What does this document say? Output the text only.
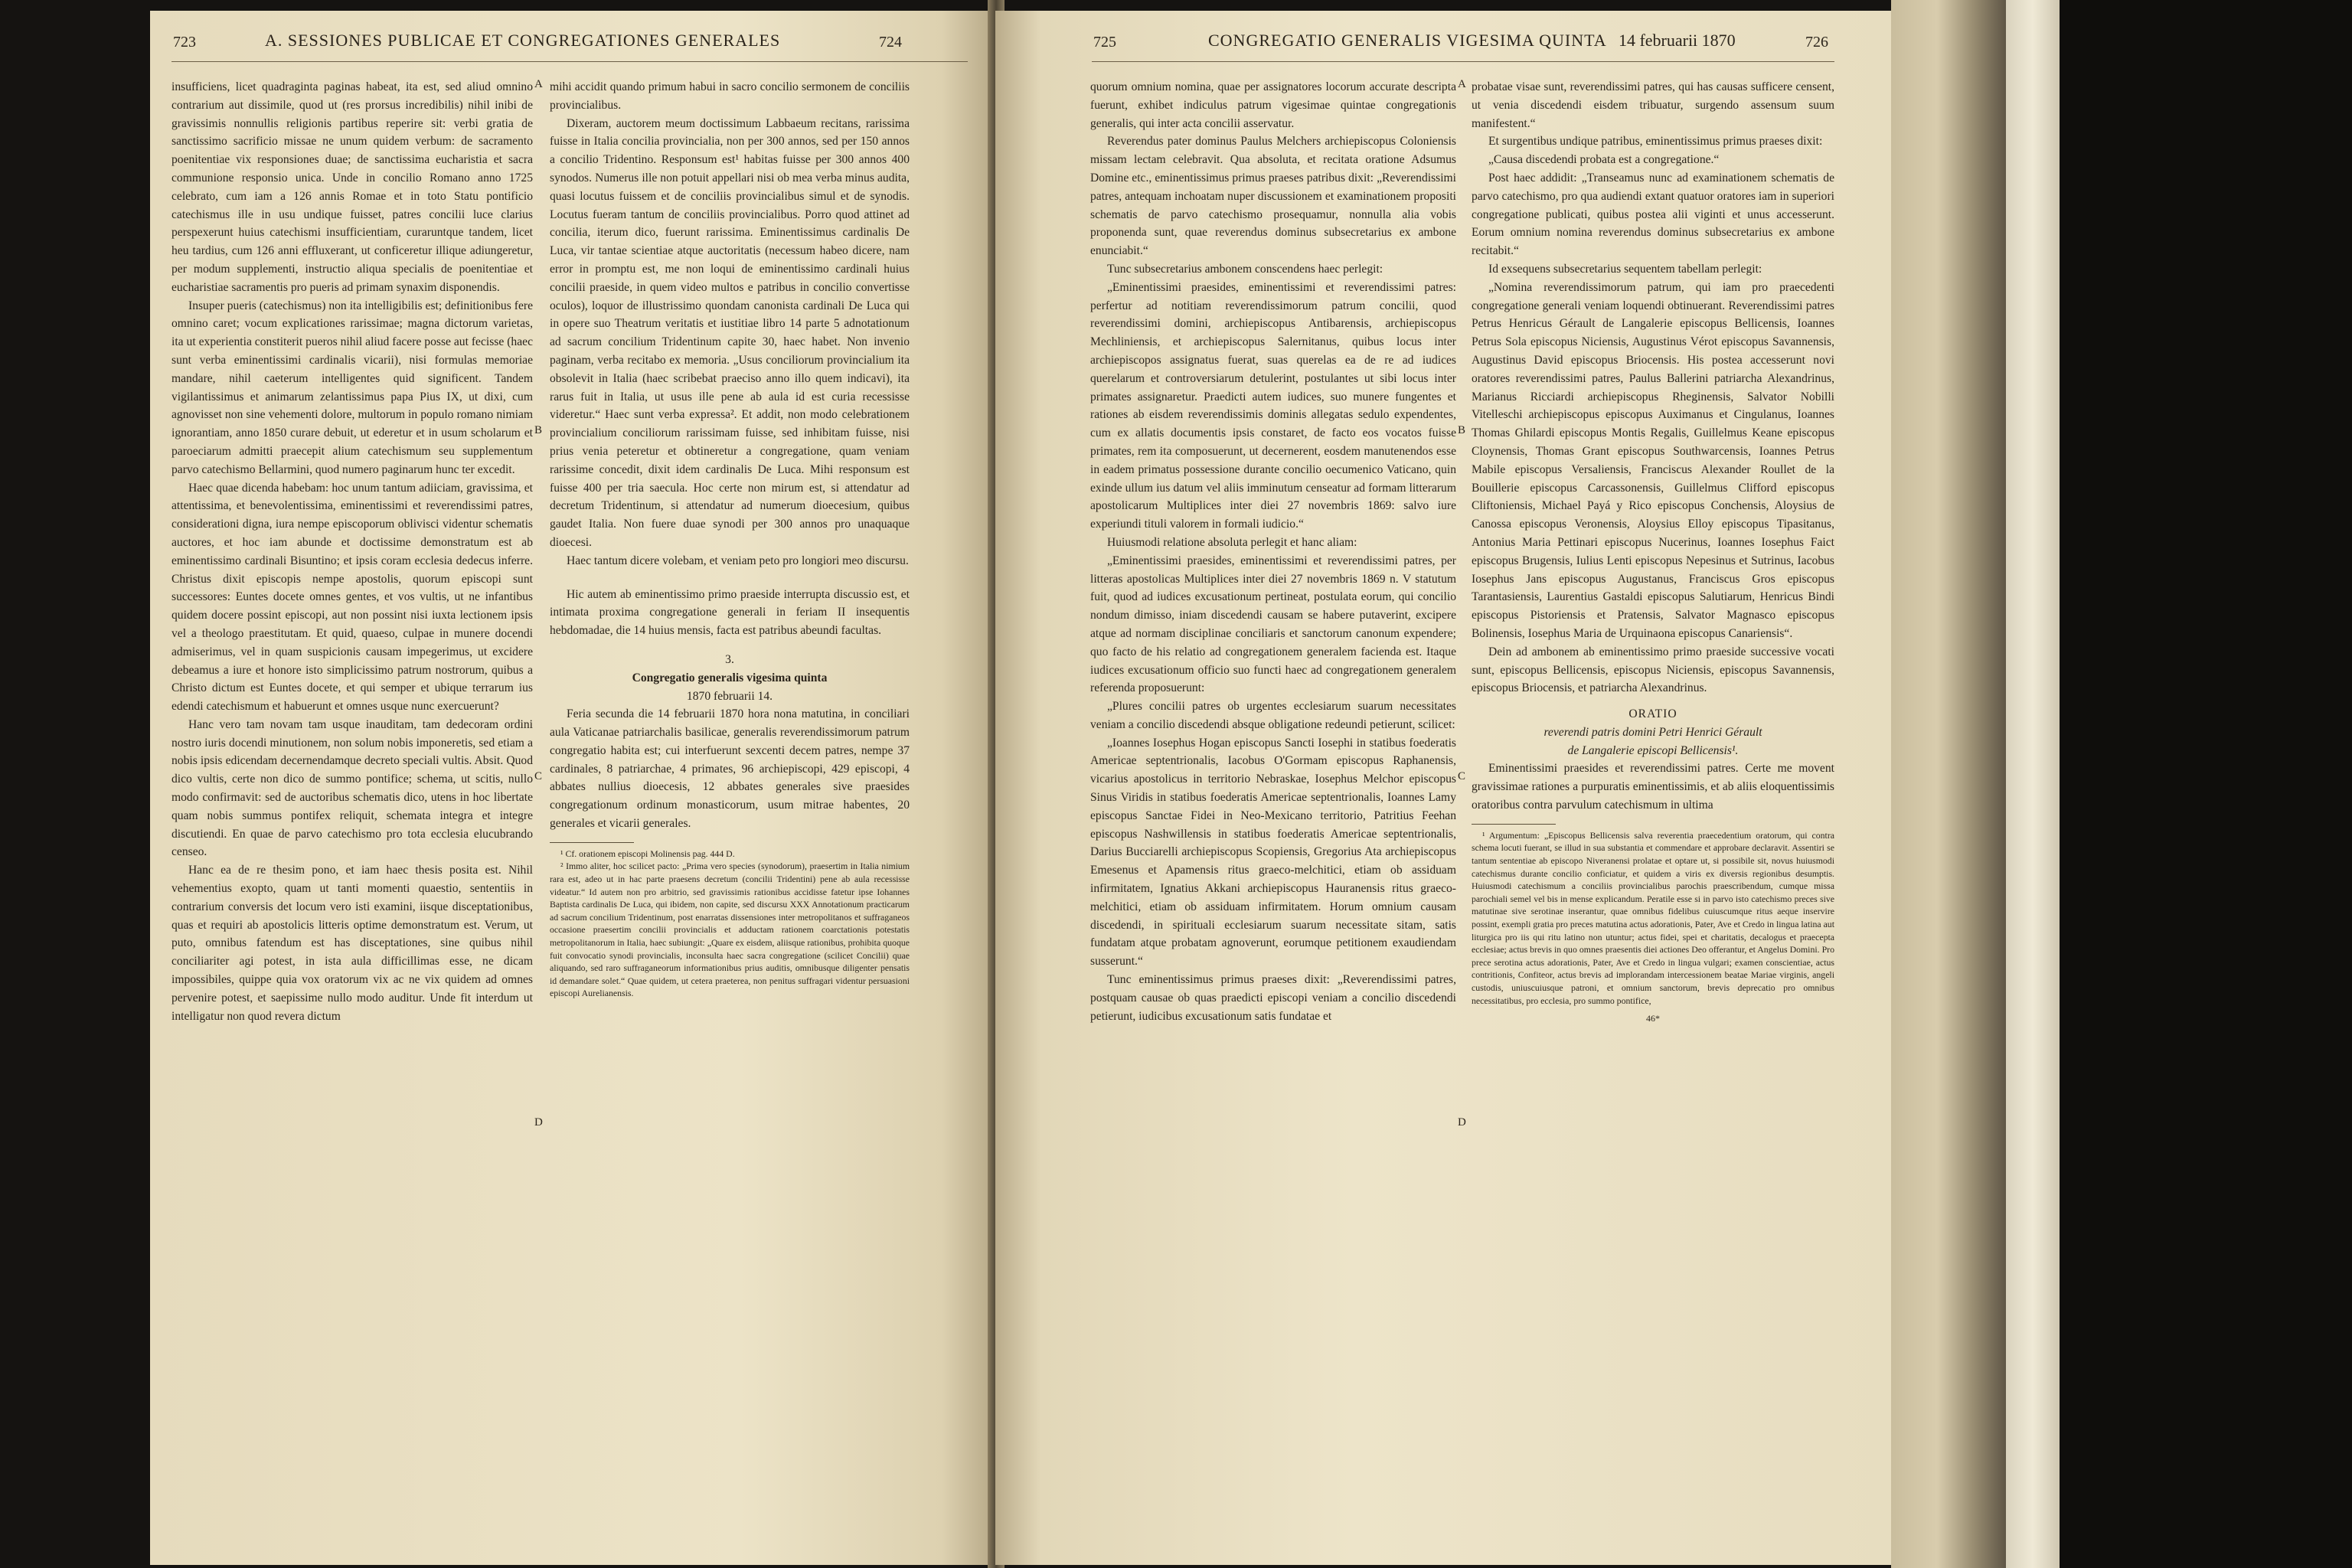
723	724
A. SESSIONES PUBLICAE ET CONGREGATIONES GENERALES

insufficiens, licet quadraginta paginas habeat, ita est, sed aliud omnino contrarium aut dissimile, quod ut (res prorsus incredibilis) nihil inibi de gravissimis nonnullis religionis partibus reperire sit: verbi gratia de sanctissimo sacrificio missae ne unum quidem verbum: de sacramento poenitentiae vix responsiones duae; de sanctissima eucharistia et sacra communione responsio unica. Unde in concilio Romano anno 1725 celebrato, cum iam a 126 annis Romae et in toto Statu pontificio catechismus ille in usu undique fuisset, patres concilii luce clarius perspexerunt huius catechismi insufficientiam, curaruntque tandem, licet heu tardius, cum 126 anni effluxerant, ut conficeretur illique adiungeretur, per modum supplementi, instructio aliqua specialis de poenitentiae et eucharistiae sacramentis pro pueris ad primam synaxim disponendis.

Insuper pueris (catechismus) non ita intelligibilis est; definitionibus fere omnino caret; vocum explicationes rarissimae; magna dictorum varietas, ita ut experientia constiterit pueros nihil aliud facere posse aut fecisse (haec sunt verba eminentissimi cardinalis vicarii), nisi formulas memoriae mandare, nihil caeterum intelligentes quid significent. Tandem vigilantissimus et animarum zelantissimus papa Pius IX, ut dixi, cum agnovisset non sine vehementi dolore, multorum in populo romano nimiam ignorantiam, anno 1850 curare debuit, ut ederetur et in usum scholarum et paroeciarum admitti praecepit alium catechismum seu supplementum parvo catechismo Bellarmini, quod numero paginarum hunc ter excedit.

Haec quae dicenda habebam: hoc unum tantum adiiciam, gravissima, et attentissima, et benevolentissima, eminentissimi et reverendissimi patres, considerationi digna, iura nempe episcoporum oblivisci videntur schematis auctores, et hoc iam abunde et doctissime demonstratum est ab eminentissimo cardinali Bisuntino; et ipsis coram ecclesia dedecus inferre. Christus dixit episcopis nempe apostolis, quorum episcopi sunt successores: Euntes docete omnes gentes, et vos vultis, ut ne infantibus quidem docere possint episcopi, aut non possint nisi iuxta lectionem ipsis vel a theologo praestitutam. Et quid, quaeso, culpae in munere docendi admiserimus, vel in quam suspicionis causam impegerimus, ut excidere debeamus a iure et honore isto simplicissimo patrum nostrorum, quibus a Christo dictum est Euntes docete, et qui semper et ubique terrarum ius edendi catechismum et habuerunt et omnes usque nunc exercuerunt?

Hanc vero tam novam tam usque inauditam, tam dedecoram ordini nostro iuris docendi minutionem, non solum nobis imponeretis, sed etiam a nobis ipsis edicendam decernendamque decreto speciali vultis. Absit. Quod dico vultis, certe non dico de summo pontifice; schema, ut scitis, nullo modo confirmavit: sed de auctoribus schematis dico, utens in hoc libertate quam nobis summus pontifex reliquit, schemata integra et integre discutiendi. En quae de parvo catechismo pro tota ecclesia elucubrando censeo.

Hanc ea de re thesim pono, et iam haec thesis posita est. Nihil vehementius exopto, quam ut tanti momenti quaestio, sententiis in contrarium conversis det locum vero isti examini, iisque disceptationibus, quas et requiri ab apostolicis litteris optime demonstratum est. Verum, ut puto, omnibus fatendum est has disceptationes, sine quibus nihil conciliariter agi potest, in ista aula difficillimas esse, ne dicam impossibiles, quippe quia vox oratorum vix ac ne vix quidem ad omnes pervenire potest, et saepissime nullo modo auditur. Unde fit interdum ut intelligatur non quod revera dictum

A
B
C
D

mihi accidit quando primum habui in sacro concilio sermonem de conciliis provincialibus.

Dixeram, auctorem meum doctissimum Labbaeum recitans, rarissima fuisse in Italia concilia provincialia, non per 300 annos, sed per 150 annos a concilio Tridentino. Responsum est¹ habitas fuisse per 300 annos 400 synodos. Numerus ille non potuit appellari nisi ob mea verba minus audita, quasi locutus fuissem et de conciliis provincialibus simul et de synodis. Locutus fueram tantum de conciliis provincialibus. Porro quod attinet ad concilia, iterum dico, fuerunt rarissima. Eminentissimus cardinalis De Luca, vir tantae scientiae atque auctoritatis (necessum habeo dicere, nam error in promptu est, me non loqui de eminentissimo cardinali huius concilii praeside, in quem video multos e patribus in concilio convertisse oculos), loquor de illustrissimo quondam canonista cardinali De Luca qui in opere suo Theatrum veritatis et iustitiae libro 14 parte 5 adnotationum ad sacrum concilium Tridentinum capite 30, haec habet. Non invenio paginam, verba recitabo ex memoria. „Usus conciliorum provincialium ita obsolevit in Italia (haec scribebat praeciso anno illo quem indicavi), ita rarus fuit in Italia, ut usus ille pene ab aula id est curia recessisse videretur.“ Haec sunt verba expressa². Et addit, non modo celebrationem provincialium conciliorum rarissimam fuisse, sed inhibitam fuisse, nisi prius venia peteretur et obtineretur a congregatione, quam veniam rarissime concedit, dixit idem cardinalis De Luca. Mihi responsum est fuisse 400 per tria saecula. Hoc certe non mirum est, si attendatur ad decretum Tridentinum, si attendatur ad numerum dioecesium, quibus gaudet Italia. Non fuere duae synodi per 300 annos pro unaquaque dioecesi.

Haec tantum dicere volebam, et veniam peto pro longiori meo discursu.

Hic autem ab eminentissimo primo praeside interrupta discussio est, et intimata proxima congregatione generali in feriam II insequentis hebdomadae, die 14 huius mensis, facta est patribus abeundi facultas.

3.

Congregatio generalis vigesima quinta

1870 februarii 14.

Feria secunda die 14 februarii 1870 hora nona matutina, in conciliari aula Vaticanae patriarchalis basilicae, generalis reverendissimorum patrum congregatio habita est; cui interfuerunt sexcenti decem patres, nempe 37 cardinales, 8 patriarchae, 4 primates, 96 archiepiscopi, 429 episcopi, 4 abbates nullius dioecesis, 12 abbates generales sive praesides congregationum ordinum monasticorum, usum mitrae habentes, 20 generales et vicarii generales.

¹ Cf. orationem episcopi Molinensis pag. 444 D.

² Immo aliter, hoc scilicet pacto: „Prima vero species (synodorum), praesertim in Italia nimium rara est, adeo ut in hac parte praesens decretum (concilii Tridentini) pene ab aula recessisse videatur.“ Id autem non pro arbitrio, sed gravissimis rationibus accidisse fatetur ipse Iohannes Baptista cardinalis De Luca, qui ibidem, non capite, sed discursu XXX Annotationum practicarum ad sacrum concilium Tridentinum, post enarratas dissensiones inter metropolitanos et suffraganeos occasione praesertim concilii provincialis et adductam rationem coarctationis potestatis metropolitanorum in Italia, haec subiungit: „Quare ex eisdem, aliisque rationibus, prohibita quoque fuit convocatio synodi provincialis, inconsulta haec sacra congregatione (scilicet Concilii) quae aliquando, sed raro suffraganeorum informationibus prius auditis, omnibusque diligenter pensatis id demandare solet.“ Quae quidem, ut cetera praeterea, non penitus suffragari videntur persuasioni episcopi Aurelianensis.

725	726
CONGREGATIO GENERALIS VIGESIMA QUINTA 14 februarii 1870

quorum omnium nomina, quae per assignatores locorum accurate descripta fuerunt, exhibet indiculus patrum vigesimae quintae congregationis generalis, qui inter acta concilii asservatur.

Reverendus pater dominus Paulus Melchers archiepiscopus Coloniensis missam lectam celebravit. Qua absoluta, et recitata oratione Adsumus Domine etc., eminentissimus primus praeses patribus dixit: „Reverendissimi patres, antequam inchoatam nuper discussionem et examinationem propositi schematis de parvo catechismo prosequamur, nonnulla alia vobis proponenda sunt, quae reverendus dominus subsecretarius ex ambone enunciabit.“

Tunc subsecretarius ambonem conscendens haec perlegit:

„Eminentissimi praesides, eminentissimi et reverendissimi patres: perfertur ad notitiam reverendissimorum patrum concilii, quod reverendissimi domini, archiepiscopus Antibarensis, archiepiscopus Mechliniensis, et archiepiscopus Salernitanus, quibus locus inter archiepiscopos assignatus fuerat, suas querelas ea de re ad iudices querelarum et controversiarum detulerint, postulantes ut sibi locus inter primates assignaretur. Praedicti autem iudices, suo munere fungentes et rationes ab eisdem reverendissimis dominis allegatas sedulo expendentes, cum ex allatis documentis ipsis constaret, de facto eos vocatos fuisse primates, rem ita composuerunt, ut decernerent, eosdem manutenendos esse in eadem primatus possessione durante concilio oecumenico Vaticano, quin exinde ullum ius datum vel aliis imminutum censeatur ad formam litterarum apostolicarum Multiplices inter diei 27 novembris 1869: salvo iure experiundi tituli valorem in formali iudicio.“

Huiusmodi relatione absoluta perlegit et hanc aliam:

„Eminentissimi praesides, eminentissimi et reverendissimi patres, per litteras apostolicas Multiplices inter diei 27 novembris 1869 n. V statutum fuit, quod ad iudices excusationum pertineat, postulata eorum, qui concilio nondum dimisso, iniam discedendi causam se habere putaverint, excipere atque ad normam disciplinae conciliaris et sanctorum canonum expendere; quo facto de his relatio ad congregationem generalem facienda est. Itaque iudices excusationum officio suo functi haec ad congregationem generalem referenda proposuerunt:

„Plures concilii patres ob urgentes ecclesiarum suarum necessitates veniam a concilio discedendi absque obligatione redeundi petierunt, scilicet:

„Ioannes Iosephus Hogan episcopus Sancti Iosephi in statibus foederatis Americae septentrionalis, Iacobus O'Gormam episcopus Raphanensis, vicarius apostolicus in territorio Nebraskae, Iosephus Melchor episcopus Sinus Viridis in statibus foederatis Americae septentrionalis, Ioannes Lamy episcopus Sanctae Fidei in Neo-Mexicano territorio, Patritius Feehan episcopus Nashwillensis in statibus foederatis Americae septentrionalis, Darius Bucciarelli archiepiscopus Scopiensis, Gregorius Ata archiepiscopus Emesenus et Apamensis ritus graeco-melchitici, etiam ob assiduam infirmitatem, Ignatius Akkani archiepiscopus Hauranensis ritus graeco-melchitici, etiam ob assiduam infirmitatem. Horum omnium causam discedendi, in spirituali ecclesiarum suarum necessitate sitam, satis fundatam atque probatam agnoverunt, eorumque petitionem exaudiendam susserunt.“

Tunc eminentissimus primus praeses dixit: „Reverendissimi patres, postquam causae ob quas praedicti episcopi veniam a concilio discedendi petierunt, iudicibus excusationum satis fundatae et

A
B
C
D

probatae visae sunt, reverendissimi patres, qui has causas sufficere censent, ut venia discedendi eisdem tribuatur, surgendo assensum suum manifestent.“

Et surgentibus undique patribus, eminentissimus primus praeses dixit:

„Causa discedendi probata est a congregatione.“

Post haec addidit: „Transeamus nunc ad examinationem schematis de parvo catechismo, pro qua audiendi extant quatuor oratores iam in superiori congregatione publicati, quibus postea alii viginti et unus accesserunt. Eorum omnium nomina reverendus dominus subsecretarius ex ambone recitabit.“

Id exsequens subsecretarius sequentem tabellam perlegit:

„Nomina reverendissimorum patrum, qui iam pro praecedenti congregatione generali veniam loquendi obtinuerant. Reverendissimi patres Petrus Henricus Gérault de Langalerie episcopus Bellicensis, Ioannes Petrus Sola episcopus Niciensis, Augustinus Vérot episcopus Savannensis, Augustinus David episcopus Briocensis. His postea accesserunt novi oratores reverendissimi patres, Paulus Ballerini patriarcha Alexandrinus, Marianus Ricciardi archiepiscopus Rheginensis, Salvator Nobilli Vitelleschi archiepiscopus episcopus Auximanus et Cingulanus, Ioannes Thomas Ghilardi episcopus Montis Regalis, Guillelmus Keane episcopus Cloynensis, Thomas Grant episcopus Southwarcensis, Ioannes Petrus Mabile episcopus Versaliensis, Franciscus Alexander Roullet de la Bouillerie episcopus Carcassonensis, Guillelmus Clifford episcopus Cliftoniensis, Michael Payá y Rico episcopus Conchensis, Aloysius de Canossa episcopus Veronensis, Aloysius Elloy episcopus Tipasitanus, Antonius Maria Pettinari episcopus Nucerinus, Ioannes Iosephus Faict episcopus Brugensis, Iulius Lenti episcopus Nepesinus et Sutrinus, Iacobus Iosephus Jans episcopus Augustanus, Franciscus Gros episcopus Tarantasiensis, Laurentius Gastaldi episcopus Salutiarum, Henricus Bindi episcopus Pistoriensis et Pratensis, Salvator Magnasco episcopus Bolinensis, Iosephus Maria de Urquinaona episcopus Canariensis“.

Dein ad ambonem ab eminentissimo primo praeside successive vocati sunt, episcopus Bellicensis, episcopus Niciensis, episcopus Savannensis, episcopus Briocensis, et patriarcha Alexandrinus.

ORATIO

reverendi patris domini Petri Henrici Gérault

de Langalerie episcopi Bellicensis¹.

Eminentissimi praesides et reverendissimi patres. Certe me movent gravissimae rationes a purpuratis eminentissimis, et ab aliis eloquentissimis oratoribus contra parvulum catechismum in ultima

¹ Argumentum: „Episcopus Bellicensis salva reverentia praecedentium oratorum, qui contra schema locuti fuerant, se illud in sua substantia et commendare et approbare declaravit. Assentiri se tantum sententiae ab episcopo Niveranensi prolatae et optare ut, si possibile sit, novus huiusmodi catechismus durante concilio conficiatur, et quidem a viris ex diversis regionibus desumptis. Huiusmodi catechismum a conciliis provincialibus parochis praescribendum, cumque missa parochiali semel vel bis in mense explicandum. Peratile esse si in parvo isto catechismo preces sive matutinae sive serotinae inserantur, quae omnibus fidelibus cuiuscumque ritus aeque inservire possint, exempli gratia pro preces matutina actus adorationis, Pater, Ave et Credo in lingua latina aut liturgica pro iis qui ritu latino non utuntur; actus fidei, spei et charitatis, decalogus et praecepta ecclesiae; actus brevis in quo omnes praesentis diei actiones Deo offerantur, et Angelus Domini. Pro prece serotina actus adorationis, Pater, Ave et Credo in lingua vulgari; examen conscientiae, actus contritionis, Confiteor, actus brevis ad implorandam intercessionem beatae Mariae virginis, angeli custodis, uniuscuiusque patroni, et omnium sanctorum, brevis deprecatio pro omnibus necessitatibus, pro ecclesia, pro summo pontifice,

46*
